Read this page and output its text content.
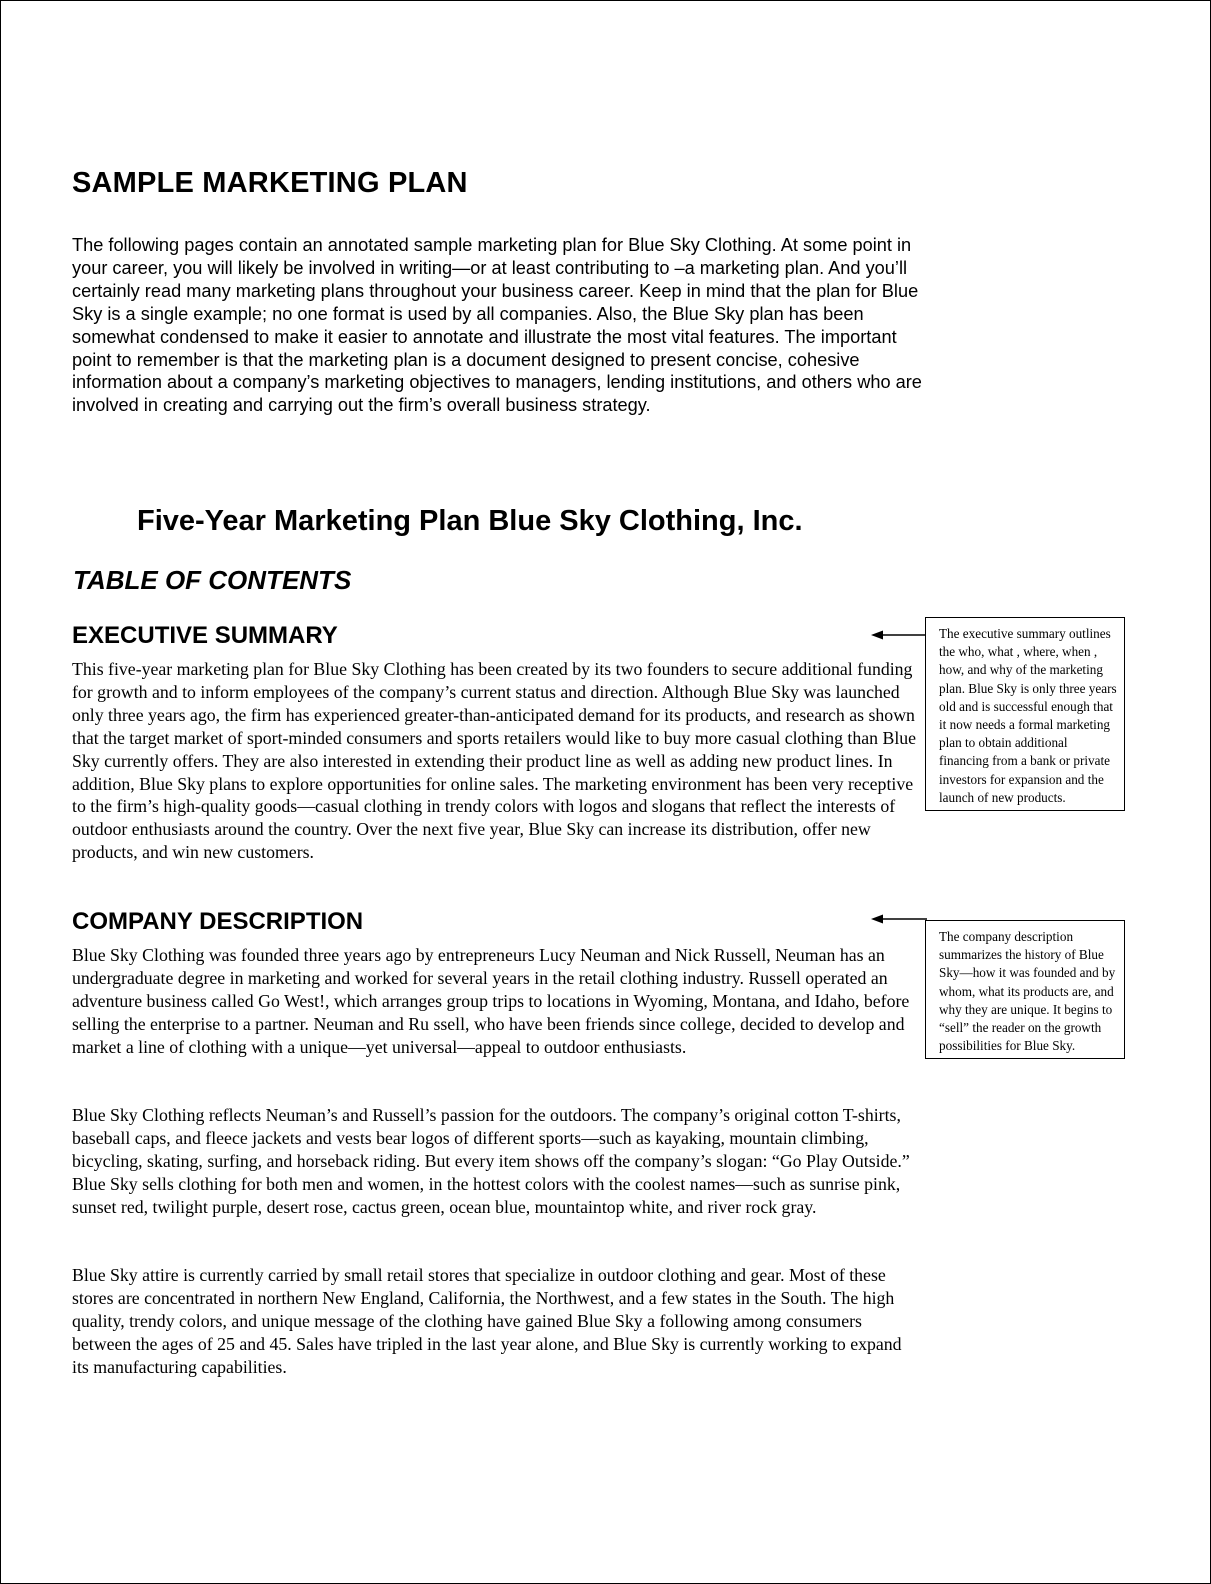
SAMPLE MARKETING PLAN

The following pages contain an annotated sample marketing plan for Blue Sky Clothing. At some point in your career, you will likely be involved in writing—or at least contributing to –a marketing plan. And you’ll certainly read many marketing plans throughout your business career. Keep in mind that the plan for Blue Sky is a single example; no one format is used by all companies. Also, the Blue Sky plan has been somewhat condensed to make it easier to annotate and illustrate the most vital features. The important point to remember is that the marketing plan is a document designed to present concise, cohesive information about a company’s marketing objectives to managers, lending institutions, and others who are involved in creating and carrying out the firm’s overall business strategy.

Five-Year Marketing Plan Blue Sky Clothing, Inc.
TABLE OF CONTENTS
EXECUTIVE SUMMARY

This five-year marketing plan for Blue Sky Clothing has been created by its two founders to secure additional funding for growth and to inform employees of the company’s current status and direction. Although Blue Sky was launched only three years ago, the firm has experienced greater-than-anticipated demand for its products, and research as shown that the target market of sport-minded consumers and sports retailers would like to buy more casual clothing than Blue Sky currently offers. They are also interested in extending their product line as well as adding new product lines. In addition, Blue Sky plans to explore opportunities for online sales. The marketing environment has been very receptive to the firm’s high-quality goods—casual clothing in trendy colors with logos and slogans that reflect the interests of outdoor enthusiasts around the country. Over the next five year, Blue Sky can increase its distribution, offer new products, and win new customers.

The executive summary outlines the who, what , where, when , how, and why of the marketing plan. Blue Sky is only three years old and is successful enough that it now needs a formal marketing plan to obtain additional financing from a bank or private investors for expansion and the launch of new products.
COMPANY DESCRIPTION

Blue Sky Clothing was founded three years ago by entrepreneurs Lucy Neuman and Nick Russell, Neuman has an undergraduate degree in marketing and worked for several years in the retail clothing industry. Russell operated an adventure business called Go West!, which arranges group trips to locations in Wyoming, Montana, and Idaho, before selling the enterprise to a partner. Neuman and Ru ssell, who have been friends since college, decided to develop and market a line of clothing with a unique—yet universal—appeal to outdoor enthusiasts.

Blue Sky Clothing reflects Neuman’s and Russell’s passion for the outdoors. The company’s original cotton T-shirts, baseball caps, and fleece jackets and vests bear logos of different sports—such as kayaking, mountain climbing, bicycling, skating, surfing, and horseback riding. But every item shows off the company’s slogan: “Go Play Outside.” Blue Sky sells clothing for both men and women, in the hottest colors with the coolest names—such as sunrise pink, sunset red, twilight purple, desert rose, cactus green, ocean blue, mountaintop white, and river rock gray.

Blue Sky attire is currently carried by small retail stores that specialize in outdoor clothing and gear. Most of these stores are concentrated in northern New England, California, the Northwest, and a few states in the South. The high quality, trendy colors, and unique message of the clothing have gained Blue Sky a following among consumers between the ages of 25 and 45. Sales have tripled in the last year alone, and Blue Sky is currently working to expand its manufacturing capabilities.

The company description summarizes the history of Blue Sky—how it was founded and by whom, what its products are, and why they are unique. It begins to “sell” the reader on the growth possibilities for Blue Sky.
